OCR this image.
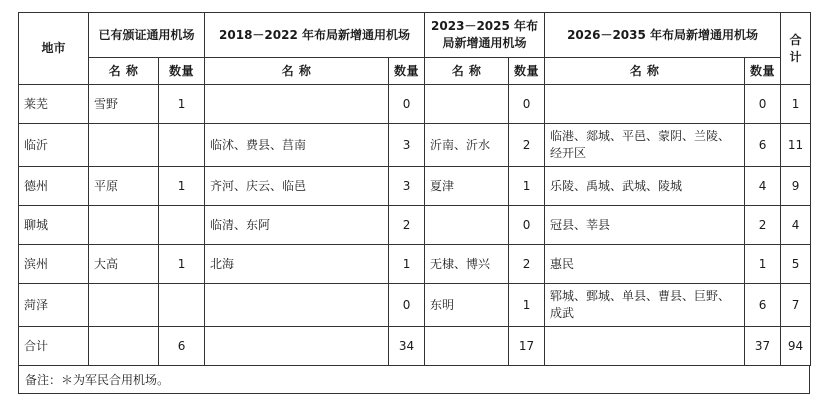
地市	已有颁证通用机场		2018－2022 年布局新增通用机场		2023－2025 年布局新增通用机场		2026－2035 年布局新增通用机场		合计
	名 称	数量	名 称	数量	名 称	数量	名 称	数量	
莱芜	雪野	1		0		0		0	1
临沂			临沭、费县、莒南	3	沂南、沂水	2	临港、郯城、平邑、蒙阴、兰陵、经开区	6	11
德州	平原	1	齐河、庆云、临邑	3	夏津	1	乐陵、禹城、武城、陵城	4	9
聊城			临清、东阿	2		0	冠县、莘县	2	4
滨州	大高	1	北海	1	无棣、博兴	2	惠民	1	5
菏泽				0	东明	1	郓城、鄄城、单县、曹县、巨野、成武	6	7
合计		6		34		17		37	94
备注：＊为军民合用机场。
